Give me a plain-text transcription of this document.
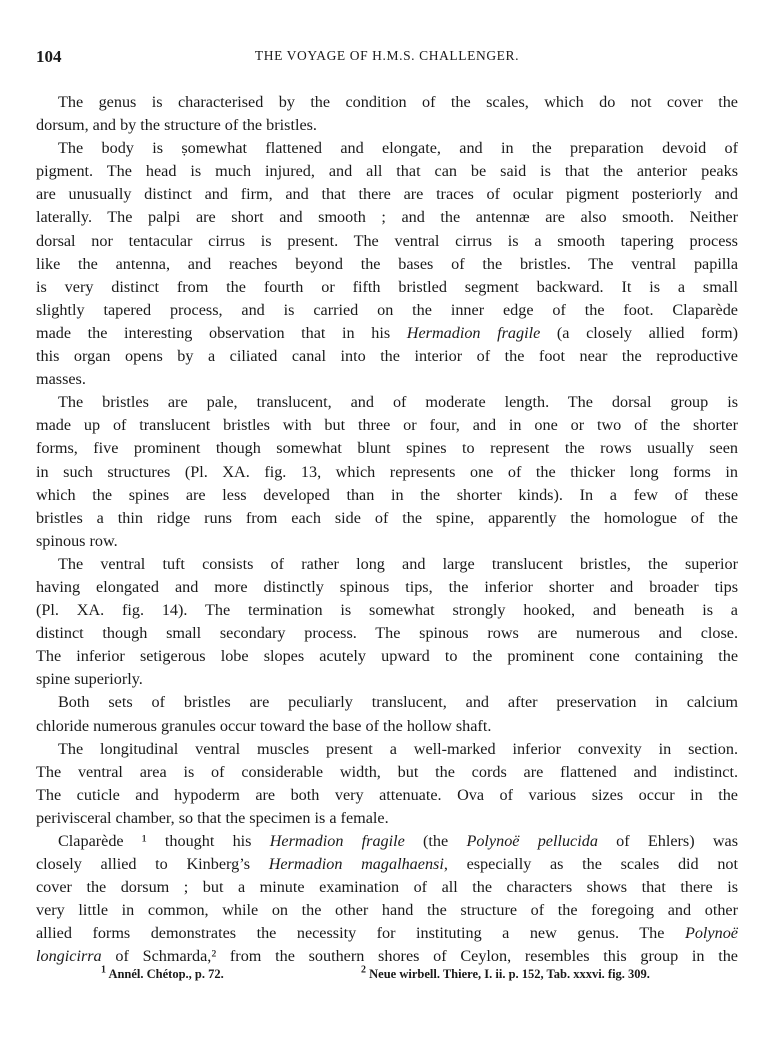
104	THE VOYAGE OF H.M.S. CHALLENGER.
The genus is characterised by the condition of the scales, which do not cover the
dorsum, and by the structure of the bristles.
The body is ṣomewhat flattened and elongate, and in the preparation devoid of
pigment. The head is much injured, and all that can be said is that the anterior peaks
are unusually distinct and firm, and that there are traces of ocular pigment posteriorly and
laterally. The palpi are short and smooth ; and the antennæ are also smooth. Neither
dorsal nor tentacular cirrus is present. The ventral cirrus is a smooth tapering process
like the antenna, and reaches beyond the bases of the bristles. The ventral papilla
is very distinct from the fourth or fifth bristled segment backward. It is a small
slightly tapered process, and is carried on the inner edge of the foot. Claparède
made the interesting observation that in his Hermadion fragile (a closely allied form)
this organ opens by a ciliated canal into the interior of the foot near the reproductive
masses.
The bristles are pale, translucent, and of moderate length. The dorsal group is
made up of translucent bristles with but three or four, and in one or two of the shorter
forms, five prominent though somewhat blunt spines to represent the rows usually seen
in such structures (Pl. XA. fig. 13, which represents one of the thicker long forms in
which the spines are less developed than in the shorter kinds). In a few of these
bristles a thin ridge runs from each side of the spine, apparently the homologue of the
spinous row.
The ventral tuft consists of rather long and large translucent bristles, the superior
having elongated and more distinctly spinous tips, the inferior shorter and broader tips
(Pl. XA. fig. 14). The termination is somewhat strongly hooked, and beneath is a
distinct though small secondary process. The spinous rows are numerous and close.
The inferior setigerous lobe slopes acutely upward to the prominent cone containing the
spine superiorly.
Both sets of bristles are peculiarly translucent, and after preservation in calcium
chloride numerous granules occur toward the base of the hollow shaft.
The longitudinal ventral muscles present a well-marked inferior convexity in section.
The ventral area is of considerable width, but the cords are flattened and indistinct.
The cuticle and hypoderm are both very attenuate. Ova of various sizes occur in the
perivisceral chamber, so that the specimen is a female.
Claparède ¹ thought his Hermadion fragile (the Polynoë pellucida of Ehlers) was
closely allied to Kinberg’s Hermadion magalhaensi, especially as the scales did not
cover the dorsum ; but a minute examination of all the characters shows that there is
very little in common, while on the other hand the structure of the foregoing and other
allied forms demonstrates the necessity for instituting a new genus. The Polynoë
longicirra of Schmarda,² from the southern shores of Ceylon, resembles this group in the
$^1$ Annél. Chétop., p. 72.	$^2$ Neue wirbell. Thiere, I. ii. p. 152, Tab. xxxvi. fig. 309.
